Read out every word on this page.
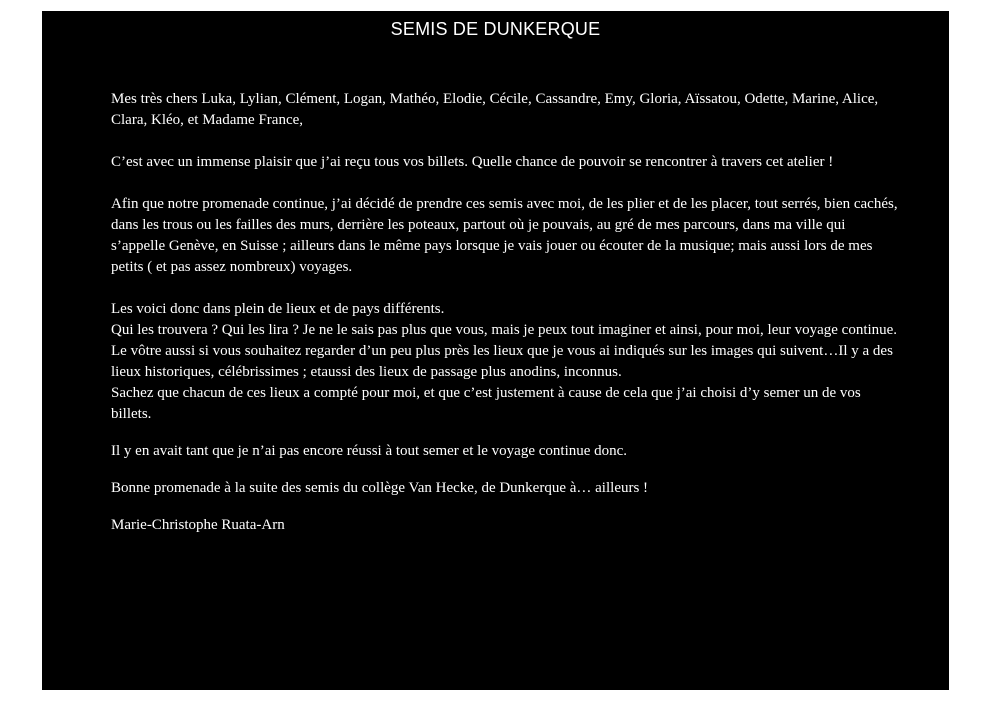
SEMIS DE DUNKERQUE

Mes très chers Luka, Lylian, Clément, Logan, Mathéo, Elodie, Cécile, Cassandre, Emy, Gloria, Aïssatou, Odette, Marine, Alice, Clara, Kléo, et Madame France,

C’est avec un immense plaisir que j’ai reçu tous vos billets. Quelle chance de pouvoir se rencontrer à travers cet atelier !

Afin que notre promenade continue, j’ai décidé de prendre ces semis avec moi, de les plier et de les placer, tout serrés, bien cachés, dans les trous ou les failles des murs, derrière les poteaux, partout où je pouvais, au gré de mes parcours, dans ma ville qui s’appelle Genève, en Suisse ; ailleurs dans le même pays lorsque je vais jouer ou écouter de la musique; mais aussi lors de mes petits ( et pas assez nombreux) voyages.

Les voici donc dans plein de lieux et de pays différents.

Qui les trouvera ? Qui les lira ? Je ne le sais pas plus que vous, mais je peux tout imaginer et ainsi, pour moi, leur voyage continue. Le vôtre aussi si vous souhaitez regarder d’un peu plus près les lieux que je vous ai indiqués sur les images qui suivent…Il y a des lieux historiques, célébrissimes ; etaussi des lieux de passage plus anodins, inconnus.

Sachez que chacun de ces lieux a compté pour moi, et que c’est justement à cause de cela que j’ai choisi d’y semer un de vos billets.

Il y en avait tant que je n’ai pas encore réussi à tout semer et le voyage continue donc.

Bonne promenade à la suite des semis du collège Van Hecke, de Dunkerque à… ailleurs !

Marie-Christophe Ruata-Arn
